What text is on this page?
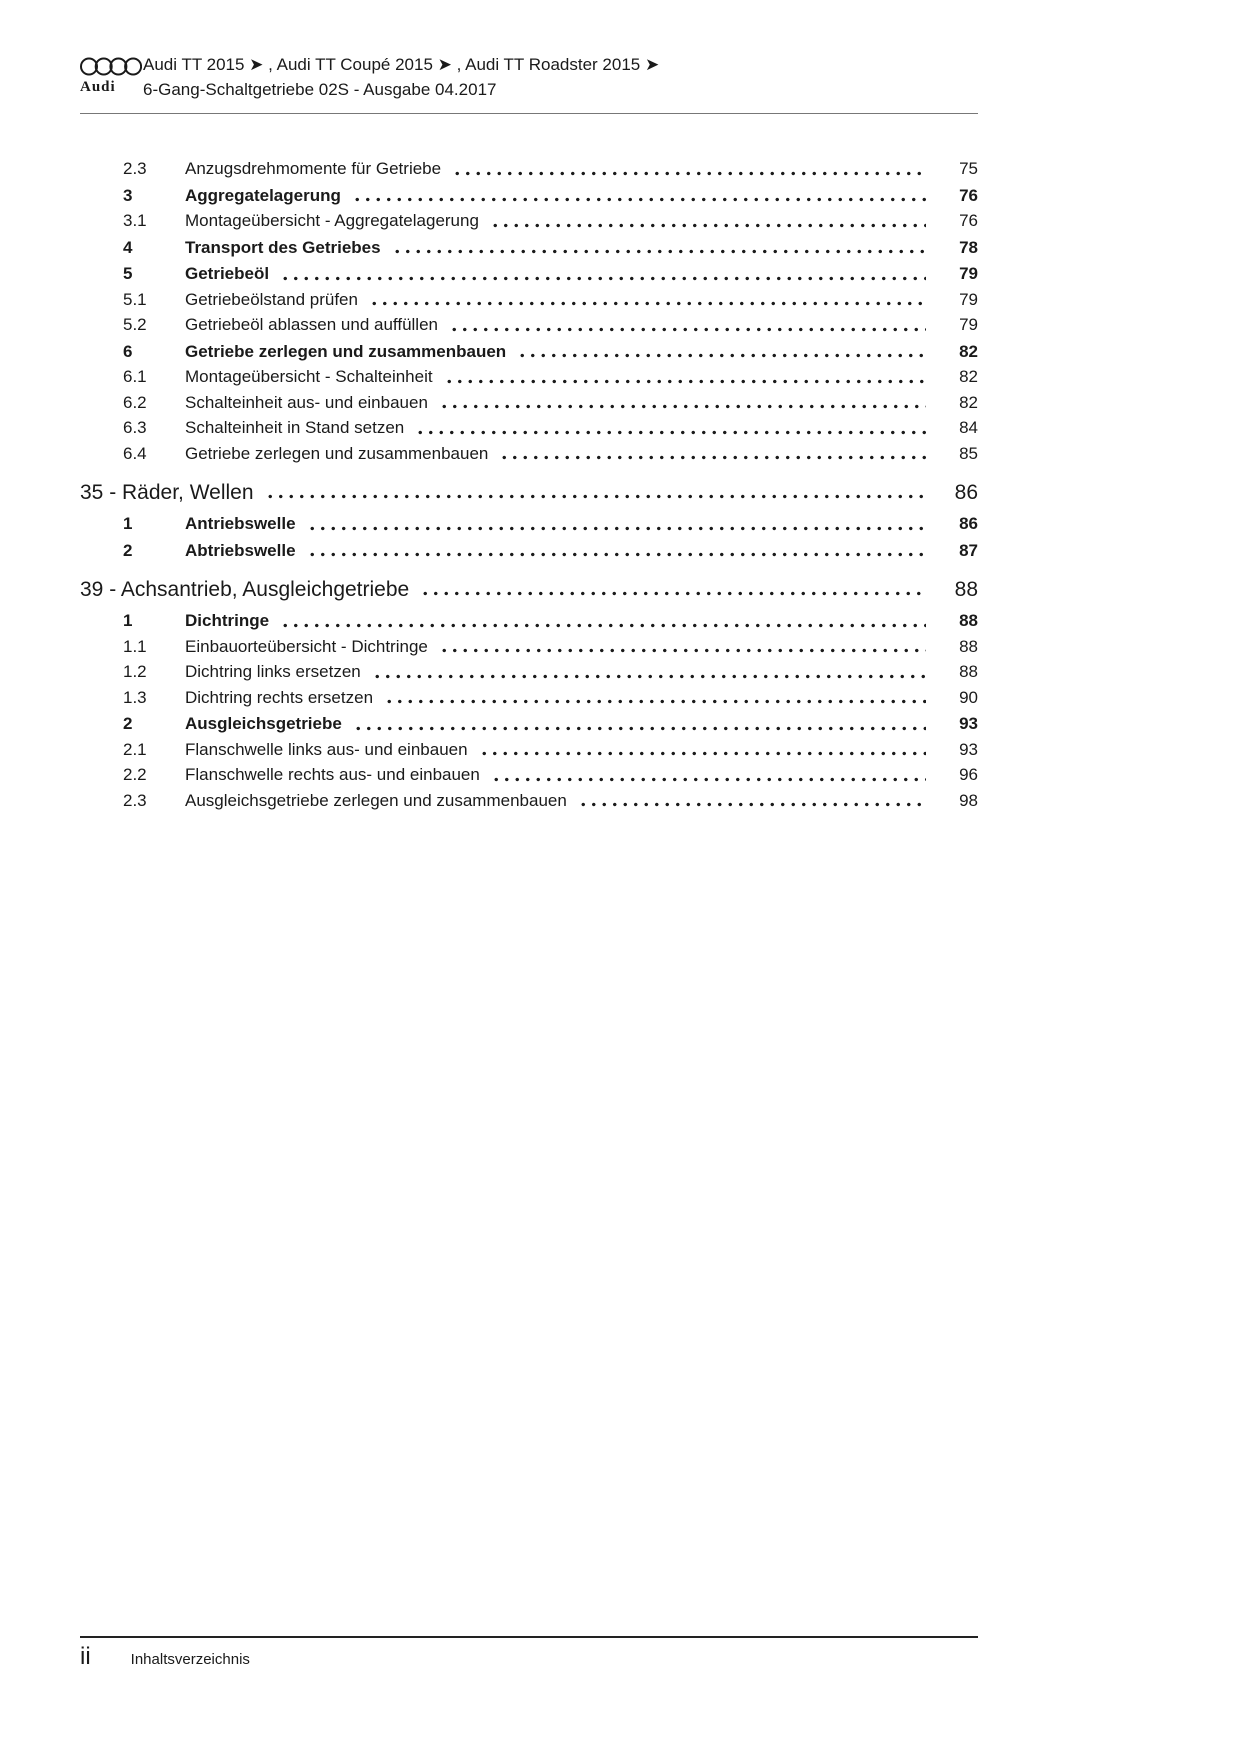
Audi
Audi TT 2015 ➤ , Audi TT Coupé 2015 ➤ , Audi TT Roadster 2015 ➤
6-Gang-Schaltgetriebe 02S - Ausgabe 04.2017
2.3	Anzugsdrehmomente für Getriebe	75
3	Aggregatelagerung	76
3.1	Montageübersicht - Aggregatelagerung	76
4	Transport des Getriebes	78
5	Getriebeöl	79
5.1	Getriebeölstand prüfen	79
5.2	Getriebeöl ablassen und auffüllen	79
6	Getriebe zerlegen und zusammenbauen	82
6.1	Montageübersicht - Schalteinheit	82
6.2	Schalteinheit aus- und einbauen	82
6.3	Schalteinheit in Stand setzen	84
6.4	Getriebe zerlegen und zusammenbauen	85
35 - Räder, Wellen	86
1	Antriebswelle	86
2	Abtriebswelle	87
39 - Achsantrieb, Ausgleichgetriebe	88
1	Dichtringe	88
1.1	Einbauorteübersicht - Dichtringe	88
1.2	Dichtring links ersetzen	88
1.3	Dichtring rechts ersetzen	90
2	Ausgleichsgetriebe	93
2.1	Flanschwelle links aus- und einbauen	93
2.2	Flanschwelle rechts aus- und einbauen	96
2.3	Ausgleichsgetriebe zerlegen und zusammenbauen	98
ii	Inhaltsverzeichnis
